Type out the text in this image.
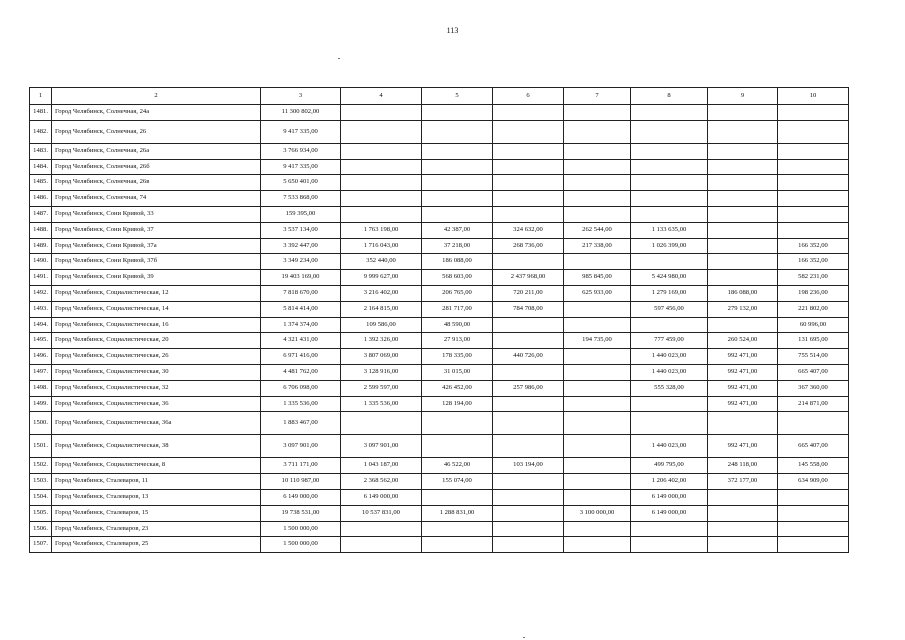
113
1	2	3	4	5	6	7	8	9	10
1481.	Город Челябинск, Солнечная, 24а	11 300 802,00							
1482.	Город Челябинск, Солнечная, 26	9 417 335,00							
1483.	Город Челябинск, Солнечная, 26а	3 766 934,00							
1484.	Город Челябинск, Солнечная, 26б	9 417 335,00							
1485.	Город Челябинск, Солнечная, 26в	5 650 401,00							
1486.	Город Челябинск, Солнечная, 74	7 533 868,00							
1487.	Город Челябинск, Сони Кривой, 33	159 395,00							
1488.	Город Челябинск, Сони Кривой, 37	3 537 134,00	1 763 198,00	42 387,00	324 632,00	262 544,00	1 133 635,00		
1489.	Город Челябинск, Сони Кривой, 37а	3 392 447,00	1 716 043,00	37 218,00	268 736,00	217 338,00	1 026 399,00		166 352,00
1490.	Город Челябинск, Сони Кривой, 37б	3 349 234,00	352 440,00	186 088,00					166 352,00
1491.	Город Челябинск, Сони Кривой, 39	19 403 169,00	9 999 627,00	568 603,00	2 437 968,00	985 845,00	5 424 980,00		582 231,00
1492.	Город Челябинск, Социалистическая, 12	7 818 670,00	3 216 402,00	206 765,00	720 211,00	625 933,00	1 279 169,00	186 088,00	198 236,00
1493.	Город Челябинск, Социалистическая, 14	5 814 414,00	2 164 815,00	281 717,00	784 708,00		597 456,00	279 132,00	221 802,00
1494.	Город Челябинск, Социалистическая, 16	1 374 374,00	109 586,00	48 590,00					60 996,00
1495.	Город Челябинск, Социалистическая, 20	4 321 431,00	1 392 326,00	27 913,00		194 735,00	777 459,00	260 524,00	131 695,00
1496.	Город Челябинск, Социалистическая, 26	6 971 416,00	3 807 069,00	178 335,00	440 726,00		1 440 023,00	992 471,00	755 514,00
1497.	Город Челябинск, Социалистическая, 30	4 481 762,00	3 128 916,00	31 015,00			1 440 023,00	992 471,00	665 407,00
1498.	Город Челябинск, Социалистическая, 32	6 706 098,00	2 599 597,00	426 452,00	257 986,00		555 328,00	992 471,00	367 360,00
1499.	Город Челябинск, Социалистическая, 36	1 335 536,00	1 335 536,00	128 194,00				992 471,00	214 871,00
1500.	Город Челябинск, Социалистическая, 36а	1 883 467,00							
1501.	Город Челябинск, Социалистическая, 38	3 097 901,00	3 097 901,00				1 440 023,00	992 471,00	665 407,00
1502.	Город Челябинск, Социалистическая, 8	3 711 171,00	1 043 187,00	46 522,00	103 194,00		499 795,00	248 118,00	145 558,00
1503.	Город Челябинск, Сталеваров, 11	10 110 987,00	2 368 562,00	155 074,00			1 206 402,00	372 177,00	634 909,00
1504.	Город Челябинск, Сталеваров, 13	6 149 000,00	6 149 000,00				6 149 000,00		
1505.	Город Челябинск, Сталеваров, 15	19 738 531,00	10 537 831,00	1 288 831,00		3 100 000,00	6 149 000,00		
1506.	Город Челябинск, Сталеваров, 23	1 500 000,00							
1507.	Город Челябинск, Сталеваров, 25	1 500 000,00							
